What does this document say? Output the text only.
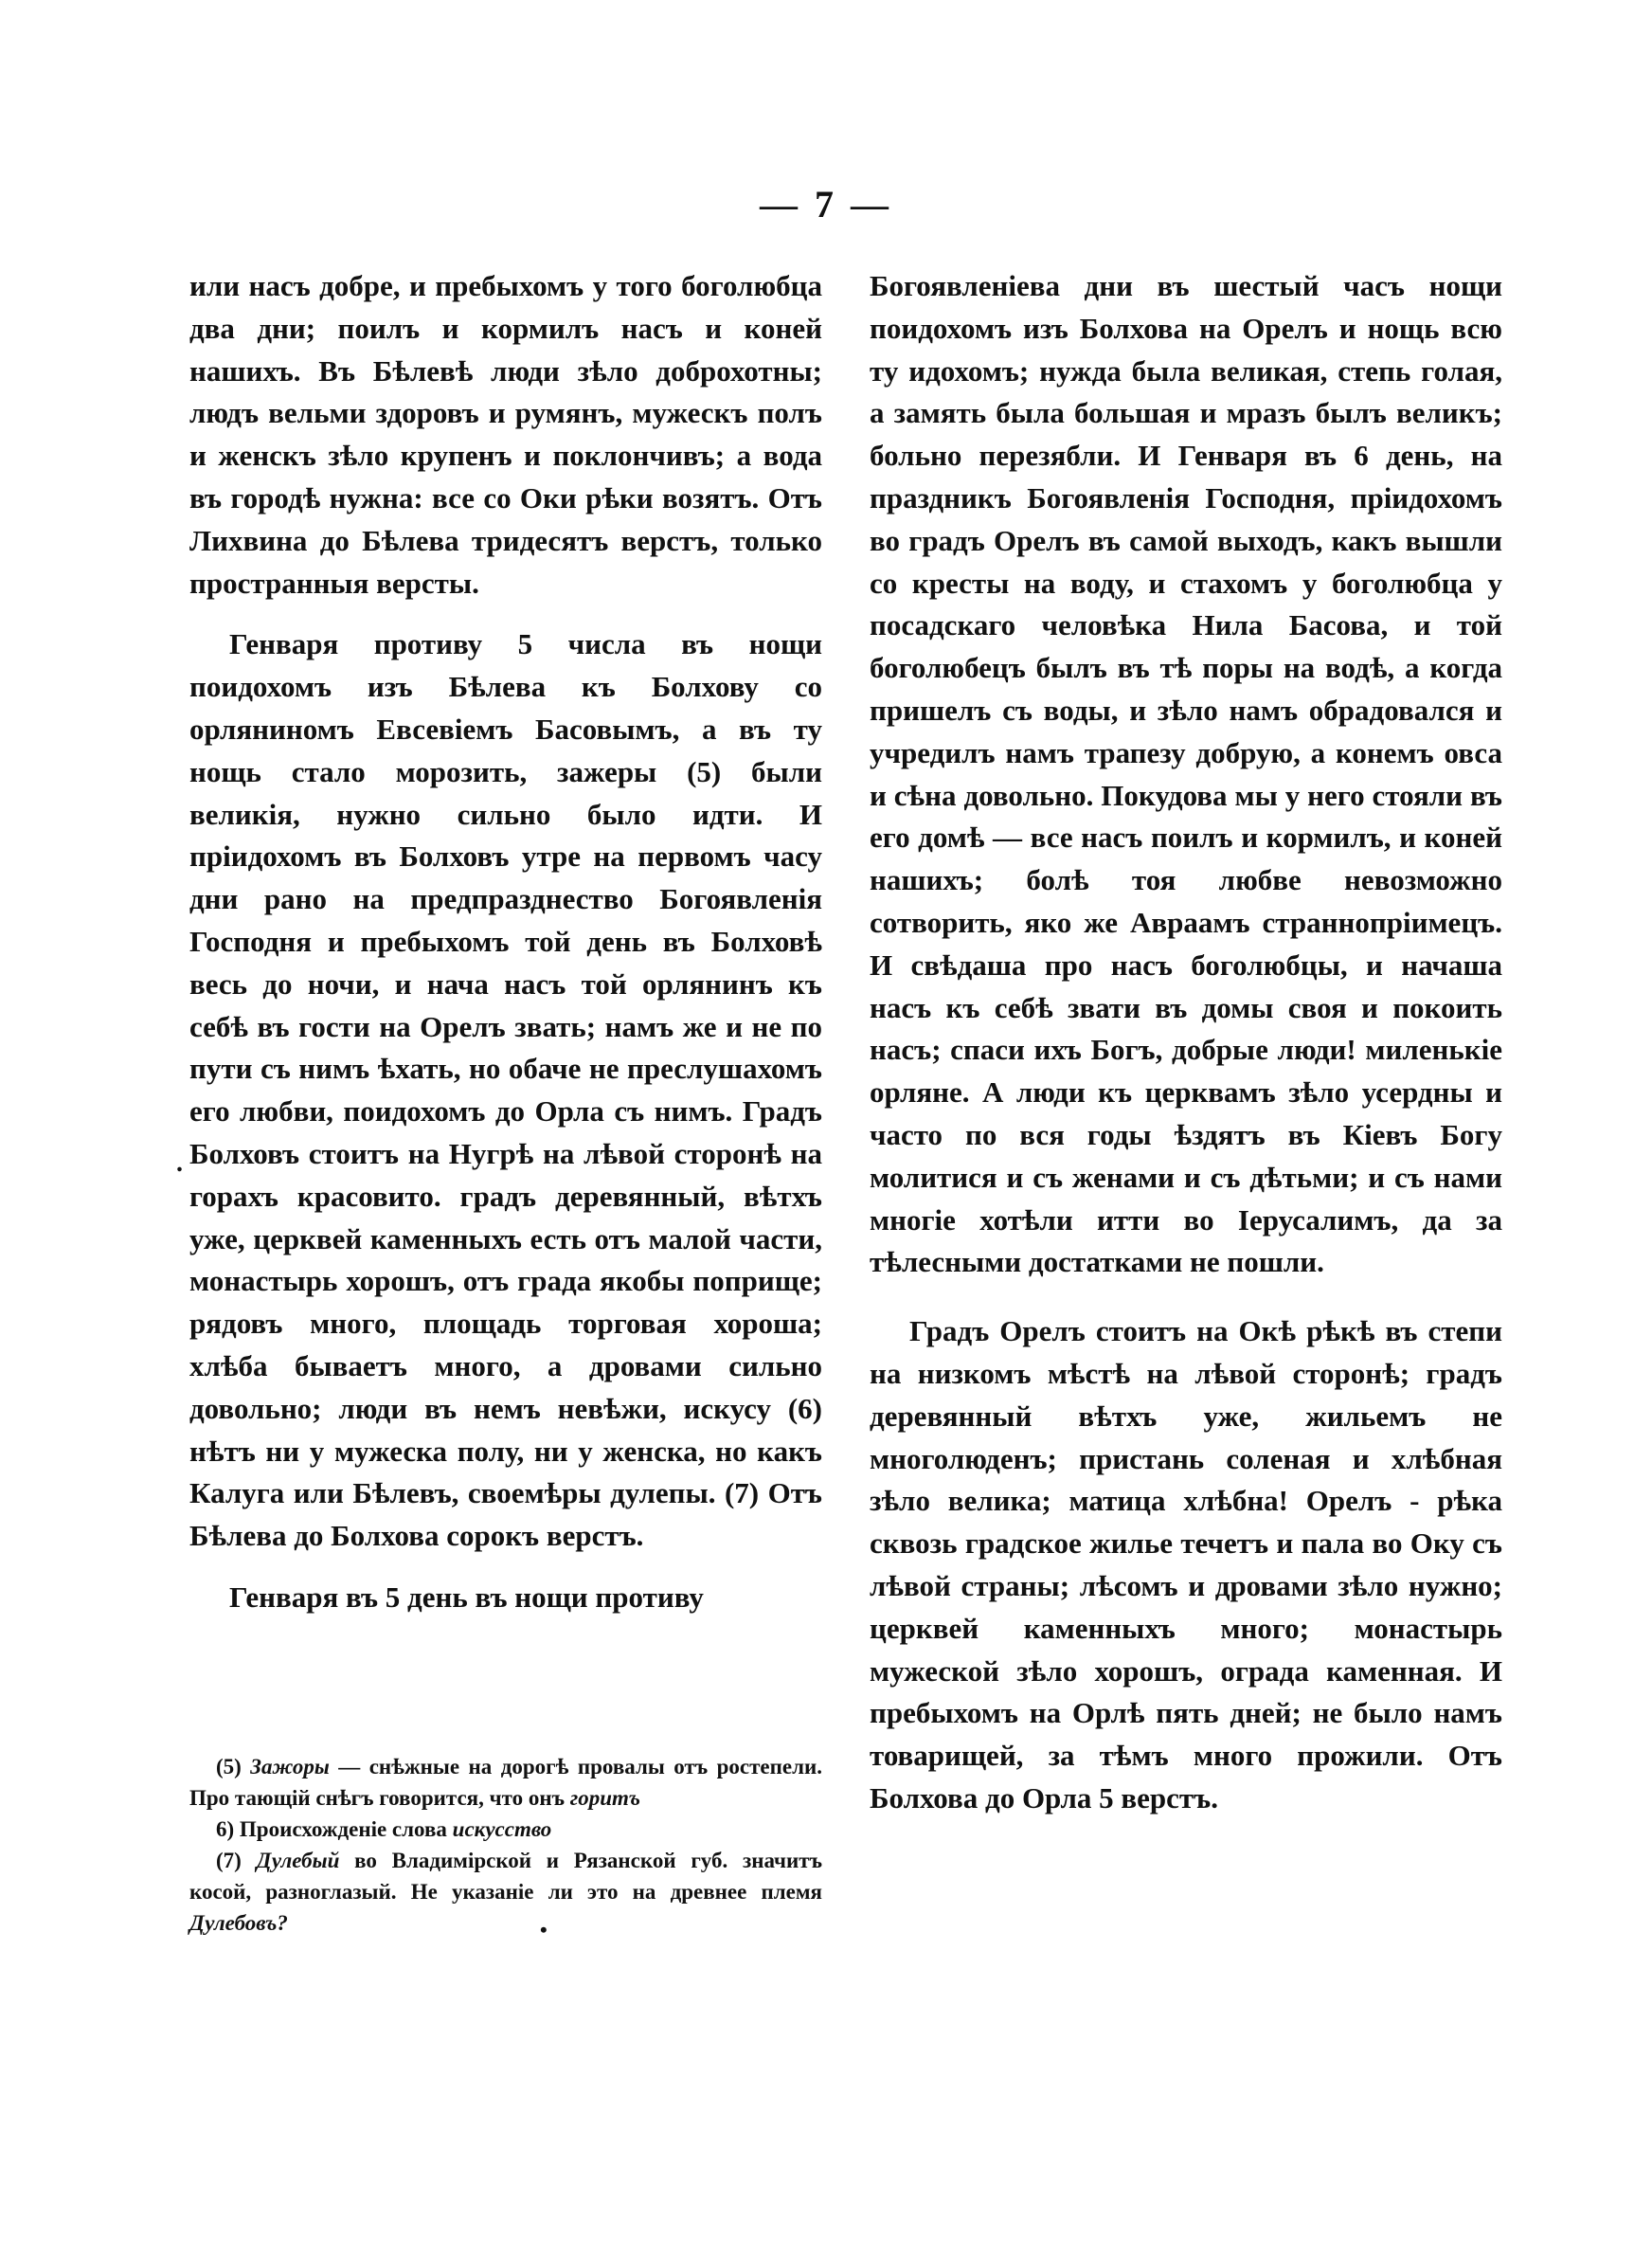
— 7 —

или насъ добре, и пребыхомъ у того боголюбца два дни; поилъ и кормилъ насъ и коней нашихъ. Въ Бѣлевѣ люди зѣло доброхотны; людъ вельми здоровъ и румянъ, мужескъ полъ и женскъ зѣло крупенъ и поклончивъ; а вода въ городѣ нужна: все со Оки рѣки возятъ. Отъ Лихвина до Бѣлева тридесятъ верстъ, только пространныя версты.

Генваря противу 5 числа въ нощи поидохомъ изъ Бѣлева къ Болхову со орляниномъ Евсевіемъ Басовымъ, а въ ту нощь стало морозить, зажеры (5) были великія, нужно сильно было идти. И пріидохомъ въ Болховъ утре на первомъ часу дни рано на предпразднество Богоявленія Господня и пребыхомъ той день въ Болховѣ весь до ночи, и нача насъ той орлянинъ къ себѣ въ гости на Орелъ звать; намъ же и не по пути съ нимъ ѣхать, но обаче не преслушахомъ его любви, поидохомъ до Орла съ нимъ. Градъ Болховъ стоитъ на Нугрѣ на лѣвой сторонѣ на горахъ красовито. градъ деревянный, вѣтхъ уже, церквей каменныхъ есть отъ малой части, монастырь хорошъ, отъ града якобы поприще; рядовъ много, площадь торговая хороша; хлѣба бываетъ много, а дровами сильно довольно; люди въ немъ невѣжи, искусу (6) нѣтъ ни у мужеска полу, ни у женска, но какъ Калуга или Бѣлевъ, своемѣры дулепы. (7) Отъ Бѣлева до Болхова сорокъ верстъ.

Генваря въ 5 день въ нощи противу

.

Богоявленіева дни въ шестый часъ нощи поидохомъ изъ Болхова на Орелъ и нощь всю ту идохомъ; нужда была великая, степь голая, а замять была большая и мразъ былъ великъ; больно перезябли. И Генваря въ 6 день, на праздникъ Богоявленія Господня, пріидохомъ во градъ Орелъ въ самой выходъ, какъ вышли со кресты на воду, и стахомъ у боголюбца у посадскаго человѣка Нила Басова, и той боголюбецъ былъ въ тѣ поры на водѣ, а когда пришелъ съ воды, и зѣло намъ обрадовался и учредилъ намъ трапезу добрую, а конемъ овса и сѣна довольно. Покудова мы у него стояли въ его домѣ — все насъ поилъ и кормилъ, и коней нашихъ; болѣ тоя любве невозможно сотворить, яко же Авраамъ страннопріимецъ. И свѣдаша про насъ боголюбцы, и начаша насъ къ себѣ звати въ домы своя и покоить насъ; спаси ихъ Богъ, добрые люди! миленькіе орляне. А люди къ церквамъ зѣло усердны и часто по вся годы ѣздятъ въ Кіевъ Богу молитися и съ женами и съ дѣтьми; и съ нами многіе хотѣли итти во Іерусалимъ, да за тѣлесными достатками не пошли.

Градъ Орелъ стоитъ на Окѣ рѣкѣ въ степи на низкомъ мѣстѣ на лѣвой сторонѣ; градъ деревянный вѣтхъ уже, жильемъ не многолюденъ; пристань соленая и хлѣбная зѣло велика; матица хлѣбна! Орелъ - рѣка сквозь градское жилье течетъ и пала во Оку съ лѣвой страны; лѣсомъ и дровами зѣло нужно; церквей каменныхъ много; монастырь мужеской зѣло хорошъ, ограда каменная. И пребыхомъ на Орлѣ пять дней; не было намъ товарищей, за тѣмъ много прожили. Отъ Болхова до Орла 5 верстъ.

(5) Зажоры — снѣжные на дорогѣ провалы отъ ростепели. Про тающій снѣгъ говорится, что онъ горитъ

6) Происхожденіе слова искусство

(7) Дулебый во Владимірской и Рязанской губ. значитъ косой, разноглазый. Не указаніе ли это на древнее племя Дулебовъ?	•
